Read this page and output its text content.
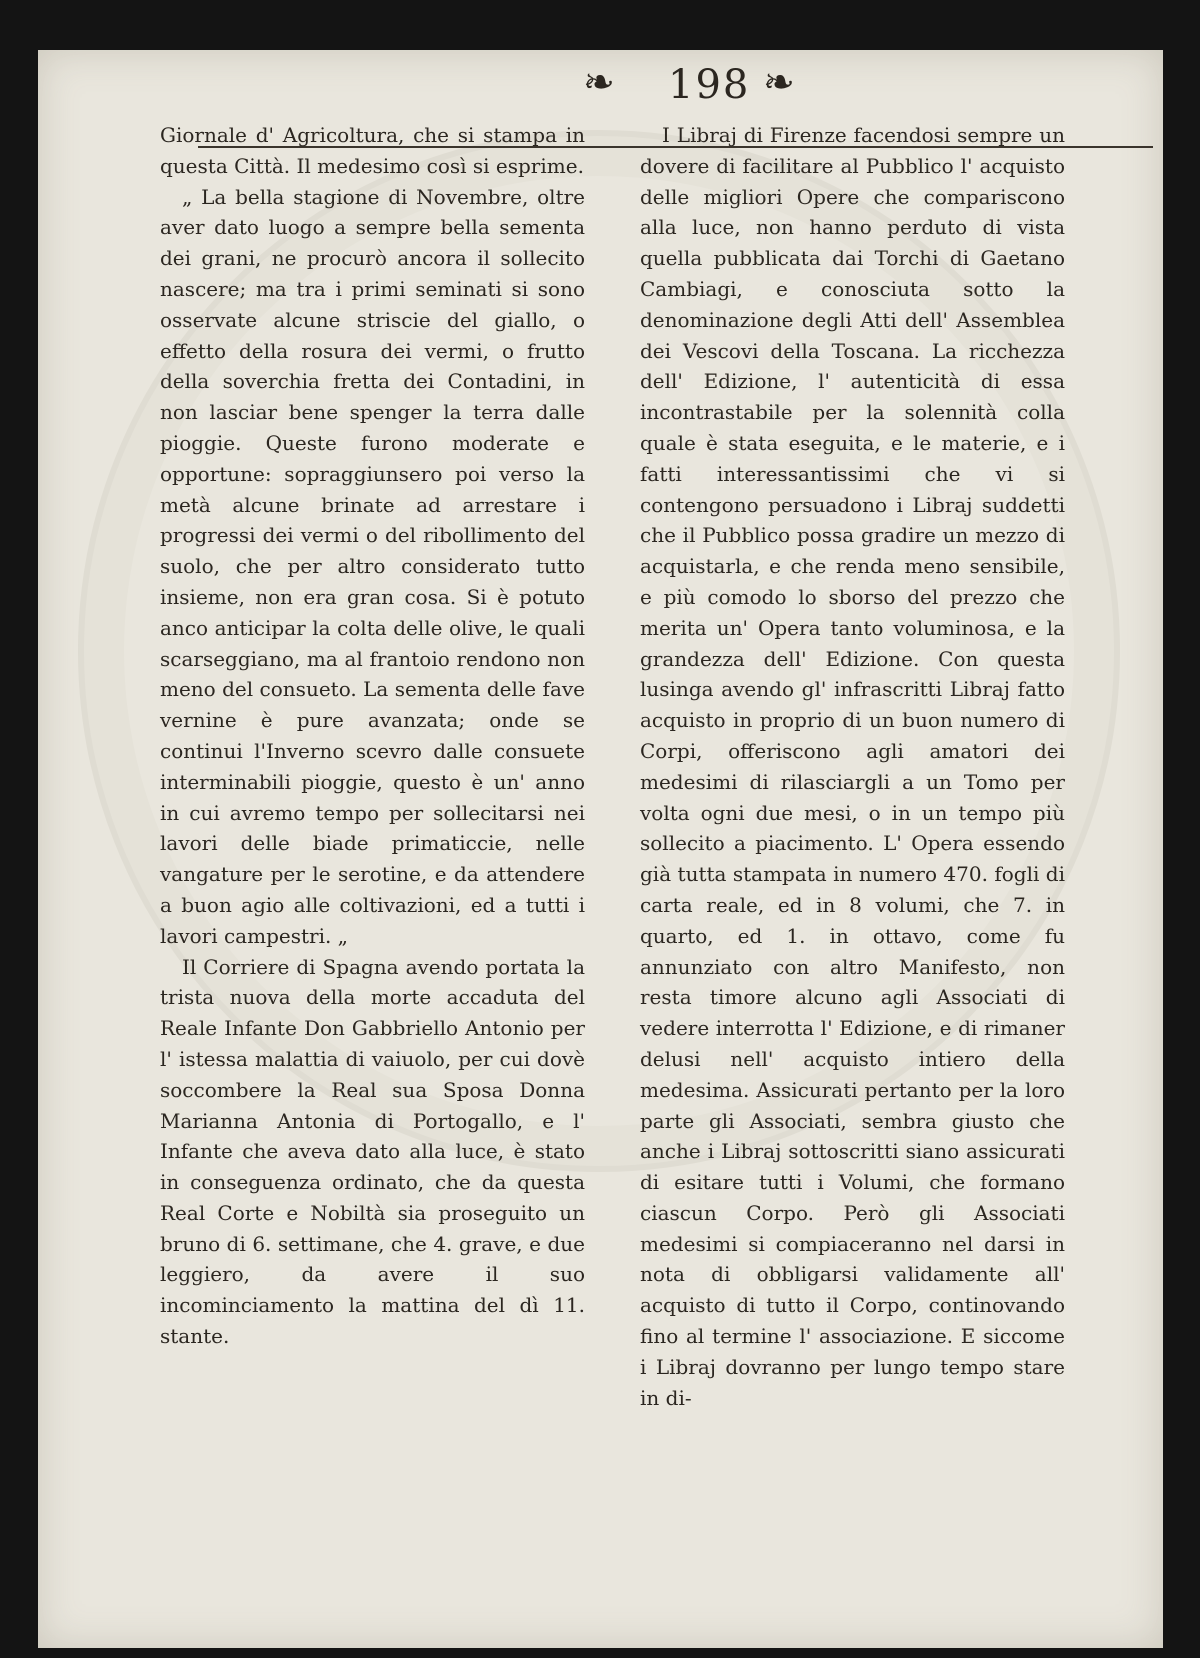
❧ 198 ❧

Giornale d' Agricoltura, che si stampa in questa Città. Il medesimo così si esprime.

„ La bella stagione di Novembre, oltre aver dato luogo a sempre bella sementa dei grani, ne procurò ancora il sollecito nascere; ma tra i primi seminati si sono osservate alcune striscie del giallo, o effetto della rosura dei vermi, o frutto della soverchia fretta dei Contadini, in non lasciar bene spenger la terra dalle pioggie. Queste furono moderate e opportune: sopraggiunsero poi verso la metà alcune brinate ad arrestare i progressi dei vermi o del ribollimento del suolo, che per altro considerato tutto insieme, non era gran cosa. Si è potuto anco anticipar la colta delle olive, le quali scarseggiano, ma al frantoio rendono non meno del consueto. La sementa delle fave vernine è pure avanzata; onde se continui l'Inverno scevro dalle consuete interminabili pioggie, questo è un' anno in cui avremo tempo per sollecitarsi nei lavori delle biade primaticcie, nelle vangature per le serotine, e da attendere a buon agio alle coltivazioni, ed a tutti i lavori campestri. „

Il Corriere di Spagna avendo portata la trista nuova della morte accaduta del Reale Infante Don Gabbriello Antonio per l' istessa malattia di vaiuolo, per cui dovè soccombere la Real sua Sposa Donna Marianna Antonia di Portogallo, e l' Infante che aveva dato alla luce, è stato in conseguenza ordinato, che da questa Real Corte e Nobiltà sia proseguito un bruno di 6. settimane, che 4. grave, e due leggiero, da avere il suo incominciamento la mattina del dì 11. stante.

I Libraj di Firenze facendosi sempre un dovere di facilitare al Pubblico l' acquisto delle migliori Opere che compariscono alla luce, non hanno perduto di vista quella pubblicata dai Torchi di Gaetano Cambiagi, e conosciuta sotto la denominazione degli Atti dell' Assemblea dei Vescovi della Toscana. La ricchezza dell' Edizione, l' autenticità di essa incontrastabile per la solennità colla quale è stata eseguita, e le materie, e i fatti interessantissimi che vi si contengono persuadono i Libraj suddetti che il Pubblico possa gradire un mezzo di acquistarla, e che renda meno sensibile, e più comodo lo sborso del prezzo che merita un' Opera tanto voluminosa, e la grandezza dell' Edizione. Con questa lusinga avendo gl' infrascritti Libraj fatto acquisto in proprio di un buon numero di Corpi, offeriscono agli amatori dei medesimi di rilasciargli a un Tomo per volta ogni due mesi, o in un tempo più sollecito a piacimento. L' Opera essendo già tutta stampata in numero 470. fogli di carta reale, ed in 8 volumi, che 7. in quarto, ed 1. in ottavo, come fu annunziato con altro Manifesto, non resta timore alcuno agli Associati di vedere interrotta l' Edizione, e di rimaner delusi nell' acquisto intiero della medesima. Assicurati pertanto per la loro parte gli Associati, sembra giusto che anche i Libraj sottoscritti siano assicurati di esitare tutti i Volumi, che formano ciascun Corpo. Però gli Associati medesimi si compiaceranno nel darsi in nota di obbligarsi validamente all' acquisto di tutto il Corpo, continovando fino al termine l' associazione. E siccome i Libraj dovranno per lungo tempo stare in di-
